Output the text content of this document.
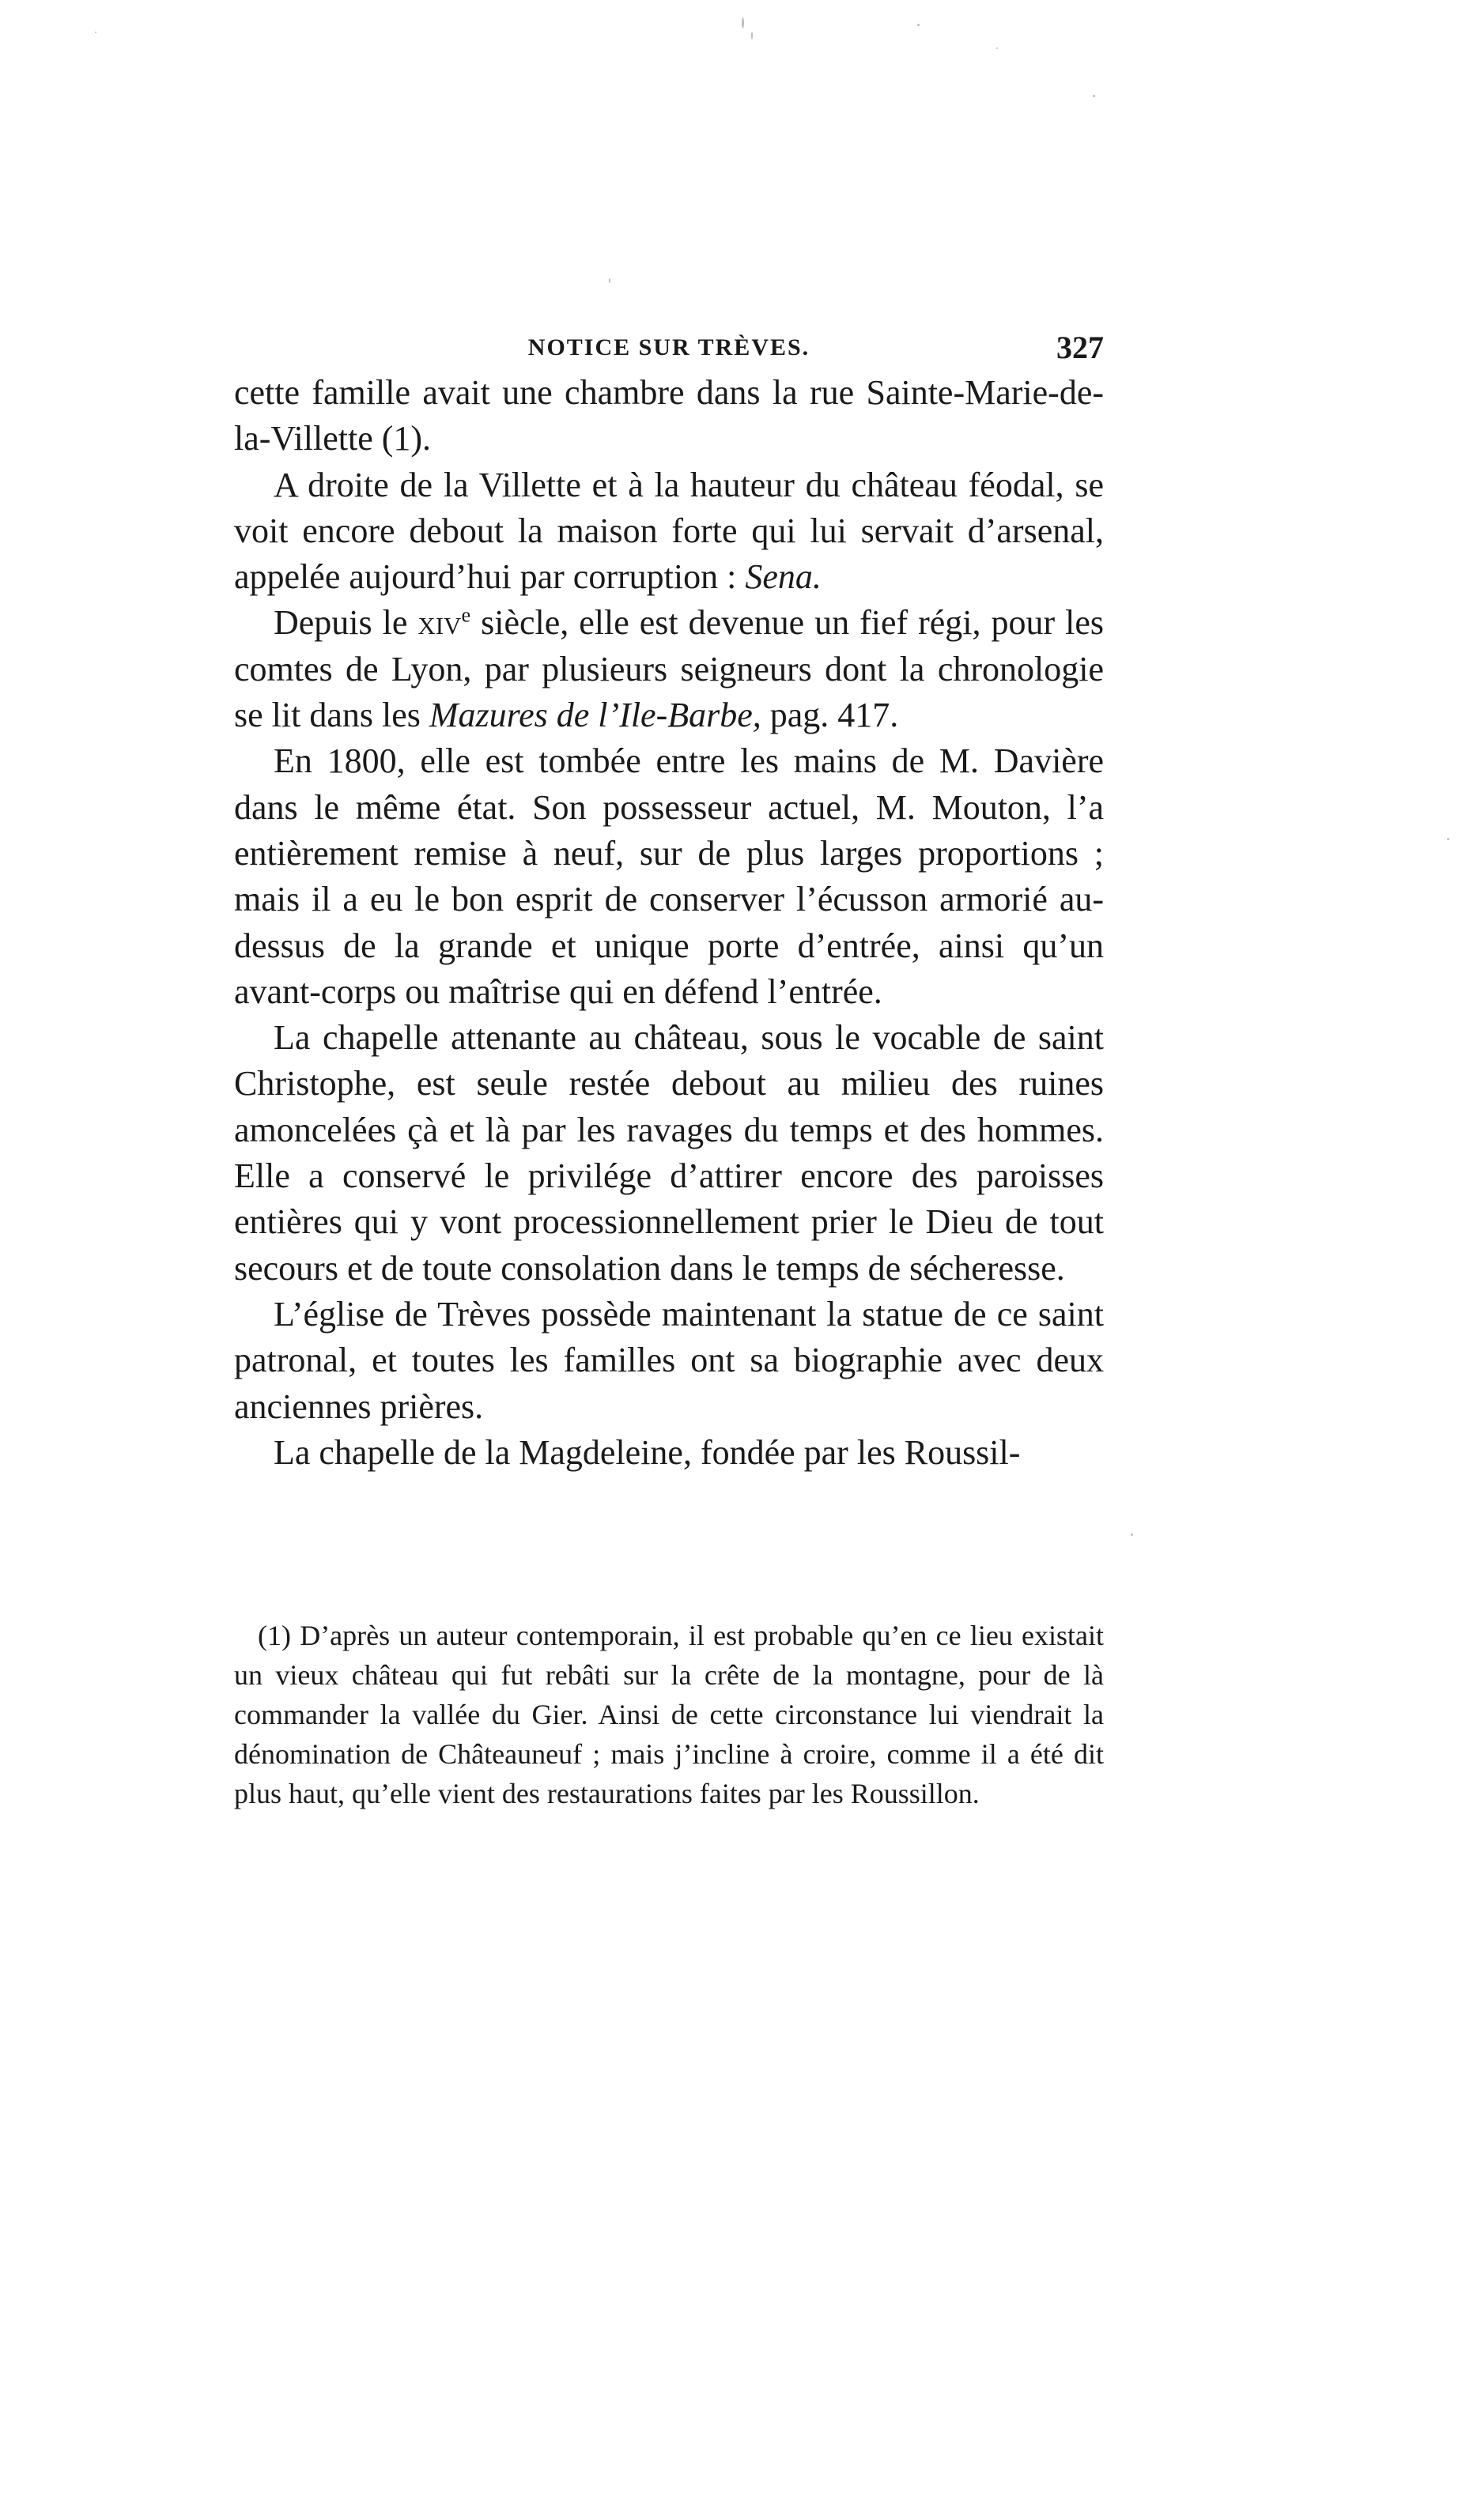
NOTICE SUR TRÈVES.	327

cette famille avait une chambre dans la rue Sainte-Marie-de-la-Villette (1).

A droite de la Villette et à la hauteur du château féodal, se voit encore debout la maison forte qui lui servait d’arsenal, appelée aujourd’hui par corruption : Sena.

Depuis le xiv$^e$ siècle, elle est devenue un fief régi, pour les comtes de Lyon, par plusieurs seigneurs dont la chronologie se lit dans les Mazures de l’Ile-Barbe, pag. 417.

En 1800, elle est tombée entre les mains de M. Davière dans le même état. Son possesseur actuel, M. Mouton, l’a entièrement remise à neuf, sur de plus larges proportions ; mais il a eu le bon esprit de conserver l’écusson armorié au-dessus de la grande et unique porte d’entrée, ainsi qu’un avant-corps ou maîtrise qui en défend l’entrée.

La chapelle attenante au château, sous le vocable de saint Christophe, est seule restée debout au milieu des ruines amoncelées çà et là par les ravages du temps et des hommes. Elle a conservé le privilége d’attirer encore des paroisses entières qui y vont processionnellement prier le Dieu de tout secours et de toute consolation dans le temps de sécheresse.

L’église de Trèves possède maintenant la statue de ce saint patronal, et toutes les familles ont sa biographie avec deux anciennes prières.

La chapelle de la Magdeleine, fondée par les Roussil-

(1) D’après un auteur contemporain, il est probable qu’en ce lieu existait un vieux château qui fut rebâti sur la crête de la montagne, pour de là commander la vallée du Gier. Ainsi de cette circonstance lui viendrait la dénomination de Châteauneuf ; mais j’incline à croire, comme il a été dit plus haut, qu’elle vient des restaurations faites par les Roussillon.
